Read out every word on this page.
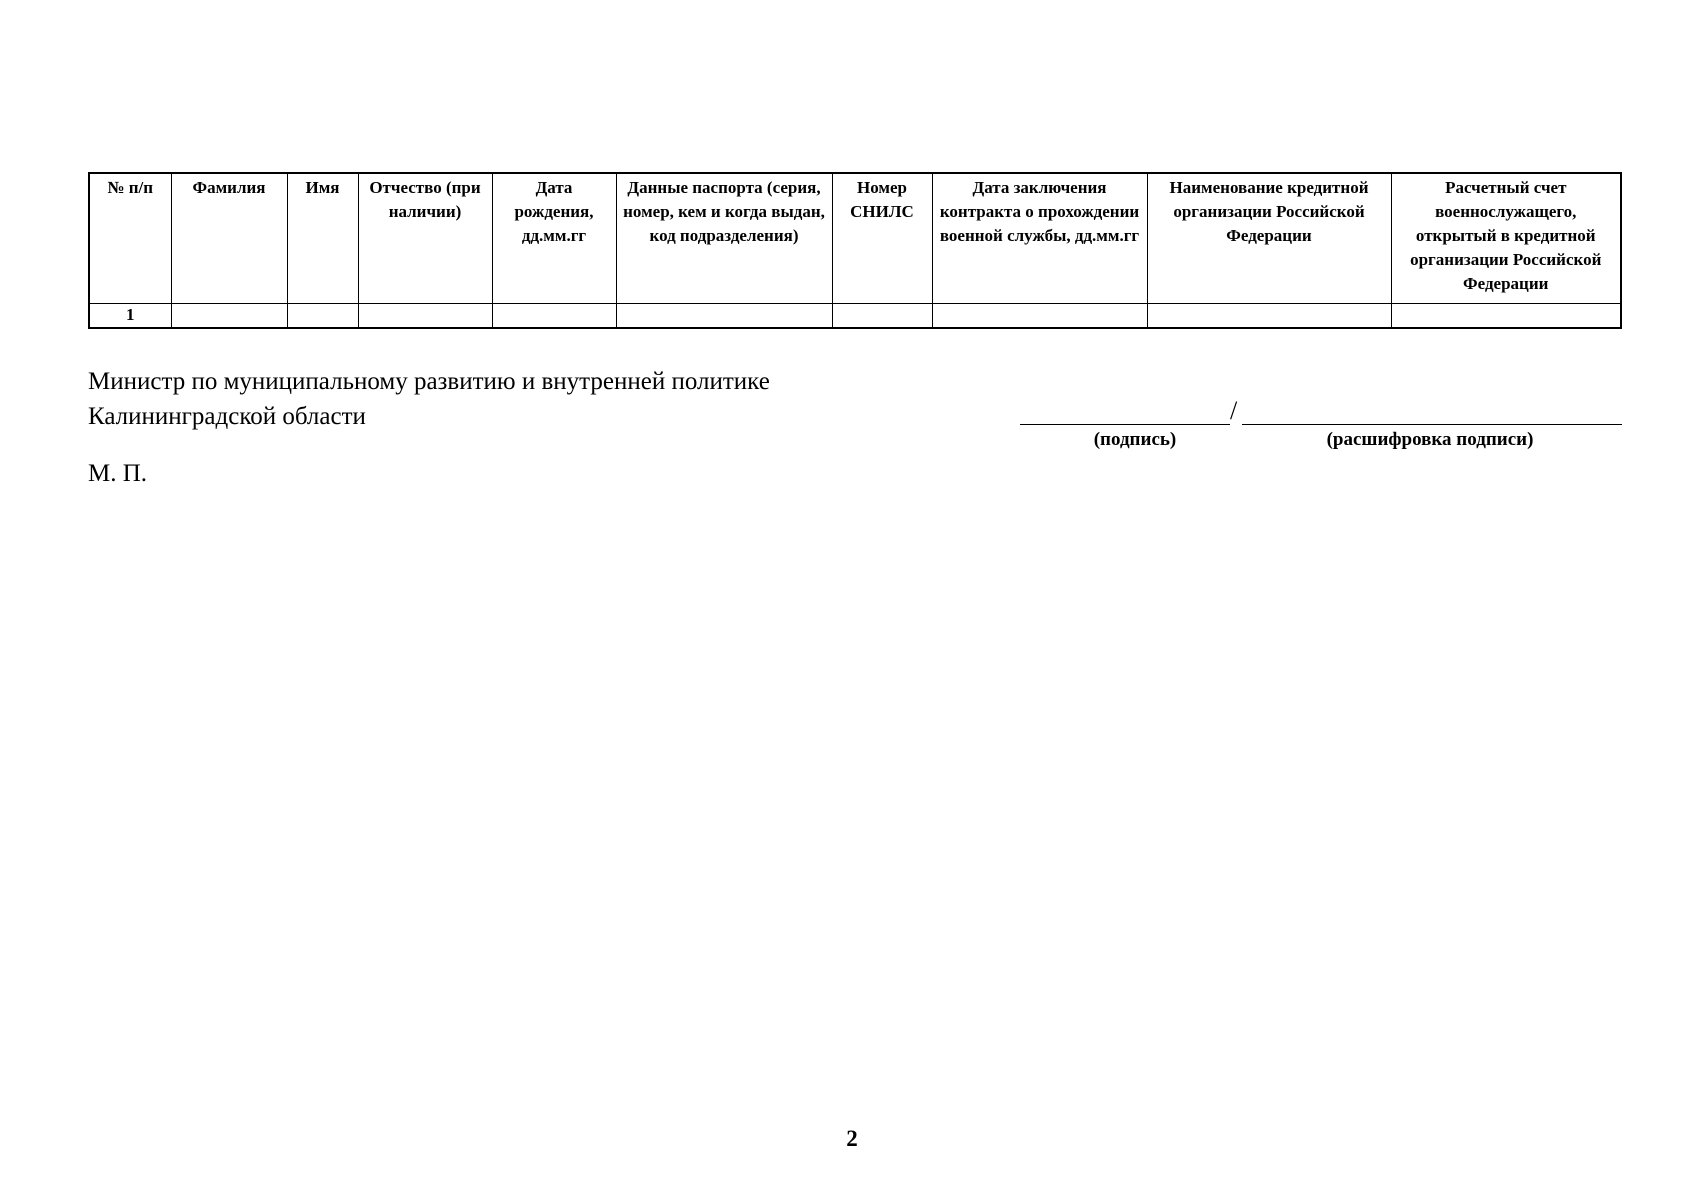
№ п/п	Фамилия	Имя	Отчество (при наличии)	Дата рождения, дд.мм.гг	Данные паспорта (серия, номер, кем и когда выдан, код подразделения)	Номер СНИЛС	Дата заключения контракта о прохождении военной службы, дд.мм.гг	Наименование кредитной организации Российской Федерации	Расчетный счет военнослужащего, открытый в кредитной организации Российской Федерации
1									
Министр по муниципальному развитию и внутренней политике
Калининградской области
М. П.
/
(подпись)	(расшифровка подписи)
2
